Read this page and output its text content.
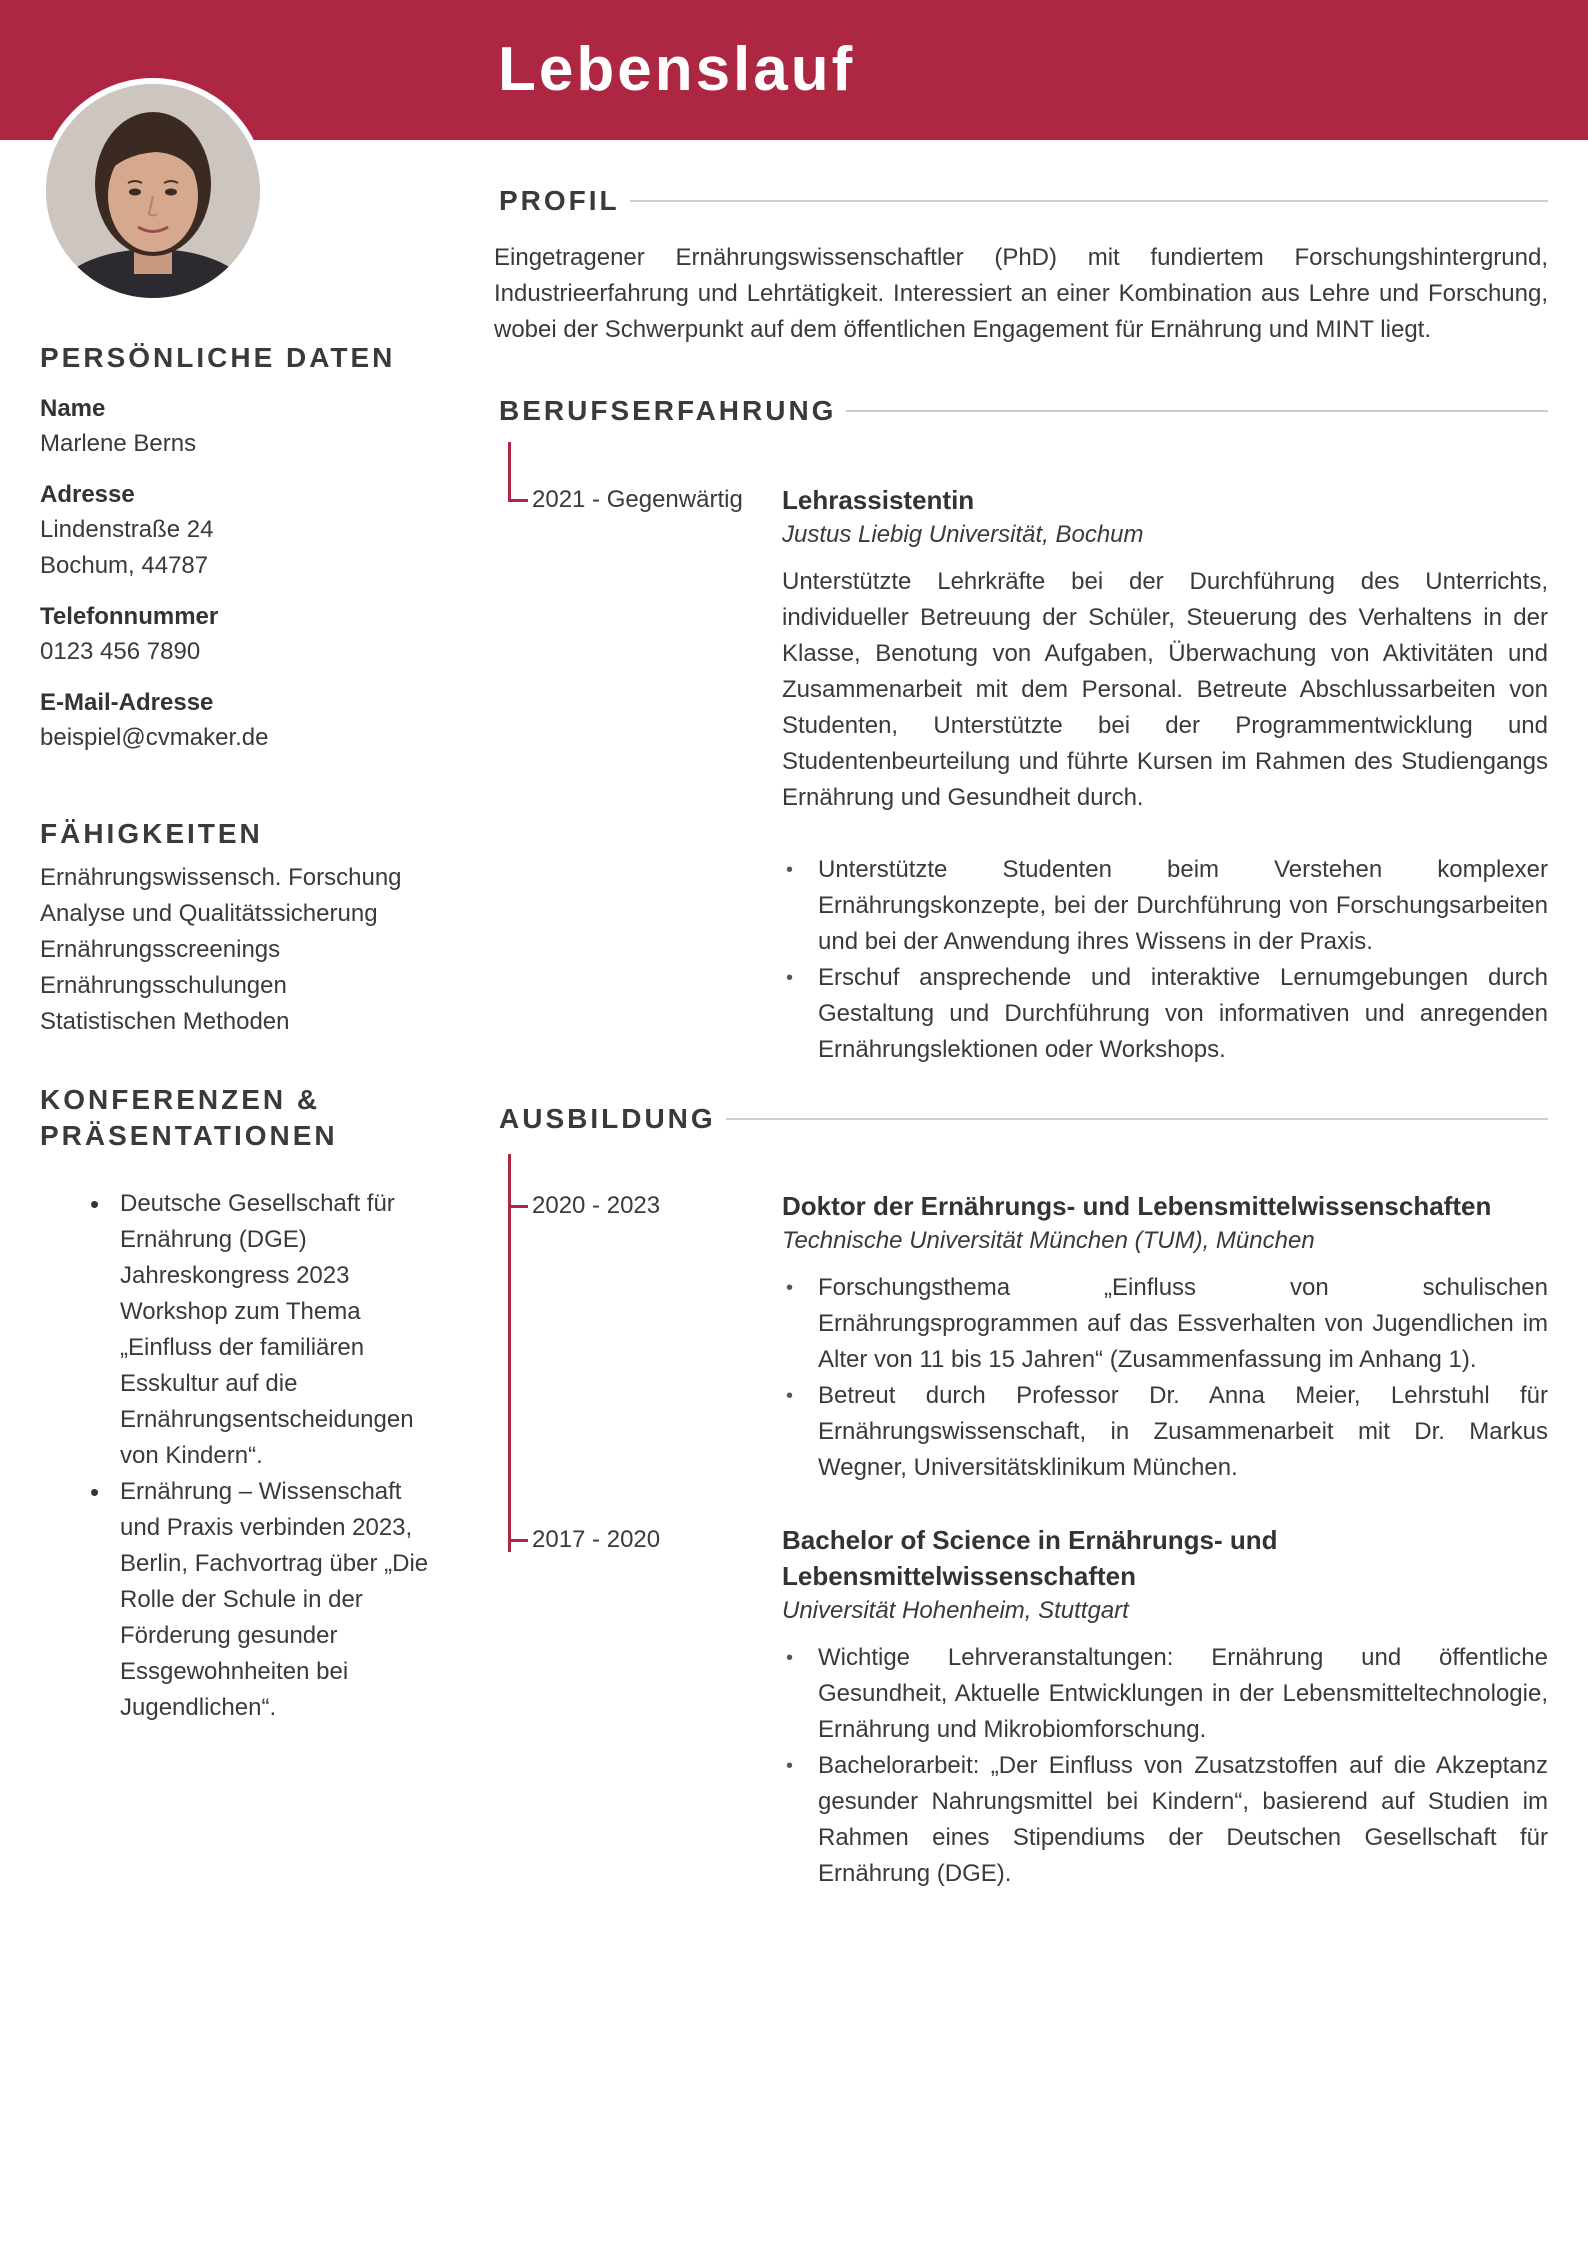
Lebenslauf
PERSÖNLICHE DATEN
Name
Marlene Berns
Adresse
Lindenstraße 24
Bochum, 44787
Telefonnummer
0123 456 7890
E-Mail-Adresse
beispiel@cvmaker.de
FÄHIGKEITEN
Ernährungswissensch. Forschung
Analyse und Qualitätssicherung
Ernährungsscreenings
Ernährungsschulungen
Statistischen Methoden
KONFERENZEN &
PRÄSENTATIONEN
• Deutsche Gesellschaft für Ernährung (DGE) Jahreskongress 2023 Workshop zum Thema „Einfluss der familiären Esskultur auf die Ernährungsentscheidungen von Kindern“.
• Ernährung – Wissenschaft und Praxis verbinden 2023, Berlin, Fachvortrag über „Die Rolle der Schule in der Förderung gesunder Essgewohnheiten bei Jugendlichen“.
PROFIL
Eingetragener Ernährungswissenschaftler (PhD) mit fundiertem Forschungshintergrund, Industrieerfahrung und Lehrtätigkeit. Interessiert an einer Kombination aus Lehre und Forschung, wobei der Schwerpunkt auf dem öffentlichen Engagement für Ernährung und MINT liegt.
BERUFSERFAHRUNG
2021 - Gegenwärtig	Lehrassistentin
Justus Liebig Universität, Bochum
Unterstützte Lehrkräfte bei der Durchführung des Unterrichts, individueller Betreuung der Schüler, Steuerung des Verhaltens in der Klasse, Benotung von Aufgaben, Überwachung von Aktivitäten und Zusammenarbeit mit dem Personal. Betreute Abschlussarbeiten von Studenten, Unterstützte bei der Programmentwicklung und Studentenbeurteilung und führte Kursen im Rahmen des Studiengangs Ernährung und Gesundheit durch.
• Unterstützte Studenten beim Verstehen komplexer Ernährungskonzepte, bei der Durchführung von Forschungsarbeiten und bei der Anwendung ihres Wissens in der Praxis.
• Erschuf ansprechende und interaktive Lernumgebungen durch Gestaltung und Durchführung von informativen und anregenden Ernährungslektionen oder Workshops.
AUSBILDUNG
2020 - 2023	Doktor der Ernährungs- und Lebensmittelwissenschaften
Technische Universität München (TUM), München
• Forschungsthema „Einfluss von schulischen Ernährungsprogrammen auf das Essverhalten von Jugendlichen im Alter von 11 bis 15 Jahren“ (Zusammenfassung im Anhang 1).
• Betreut durch Professor Dr. Anna Meier, Lehrstuhl für Ernährungswissenschaft, in Zusammenarbeit mit Dr. Markus Wegner, Universitätsklinikum München.
2017 - 2020	Bachelor of Science in Ernährungs- und
Lebensmittelwissenschaften
Universität Hohenheim, Stuttgart
• Wichtige Lehrveranstaltungen: Ernährung und öffentliche Gesundheit, Aktuelle Entwicklungen in der Lebensmitteltechnologie, Ernährung und Mikrobiomforschung.
• Bachelorarbeit: „Der Einfluss von Zusatzstoffen auf die Akzeptanz gesunder Nahrungsmittel bei Kindern“, basierend auf Studien im Rahmen eines Stipendiums der Deutschen Gesellschaft für Ernährung (DGE).
